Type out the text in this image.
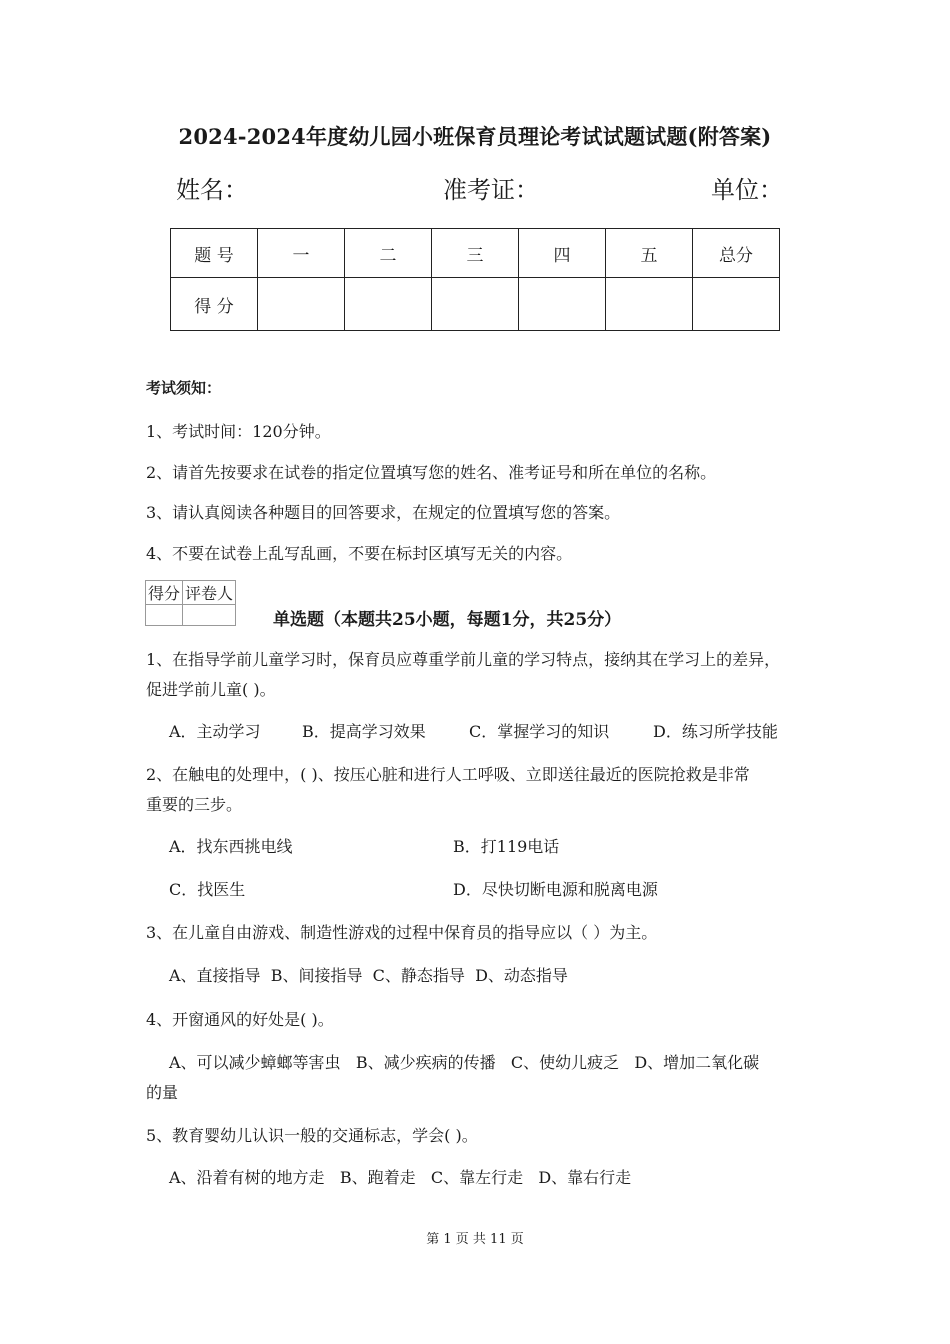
2024-2024年度幼儿园小班保育员理论考试试题试题(附答案)
姓名：	准考证：	单位：
题 号	一	二	三	四	五	总分
得 分						
考试须知：
1、考试时间：120分钟。
2、请首先按要求在试卷的指定位置填写您的姓名、准考证号和所在单位的名称。
3、请认真阅读各种题目的回答要求，在规定的位置填写您的答案。
4、不要在试卷上乱写乱画，不要在标封区填写无关的内容。
得分	评卷人

单选题（本题共25小题，每题1分，共25分）
1、在指导学前儿童学习时，保育员应尊重学前儿童的学习特点，接纳其在学习上的差异，
促进学前儿童( )。
A．主动学习	B．提高学习效果	C．掌握学习的知识	D．练习所学技能
2、在触电的处理中，( )、按压心脏和进行人工呼吸、立即送往最近的医院抢救是非常
重要的三步。
A．找东西挑电线	B．打119电话
C．找医生	D．尽快切断电源和脱离电源
3、在儿童自由游戏、制造性游戏的过程中保育员的指导应以（ ）为主。
A、直接指导  B、间接指导  C、静态指导  D、动态指导
4、开窗通风的好处是( )。
A、可以减少蟑螂等害虫   B、减少疾病的传播   C、使幼儿疲乏   D、增加二氧化碳
的量
5、教育婴幼儿认识一般的交通标志，学会( )。
A、沿着有树的地方走   B、跑着走   C、靠左行走   D、靠右行走
第 1 页 共 11 页
